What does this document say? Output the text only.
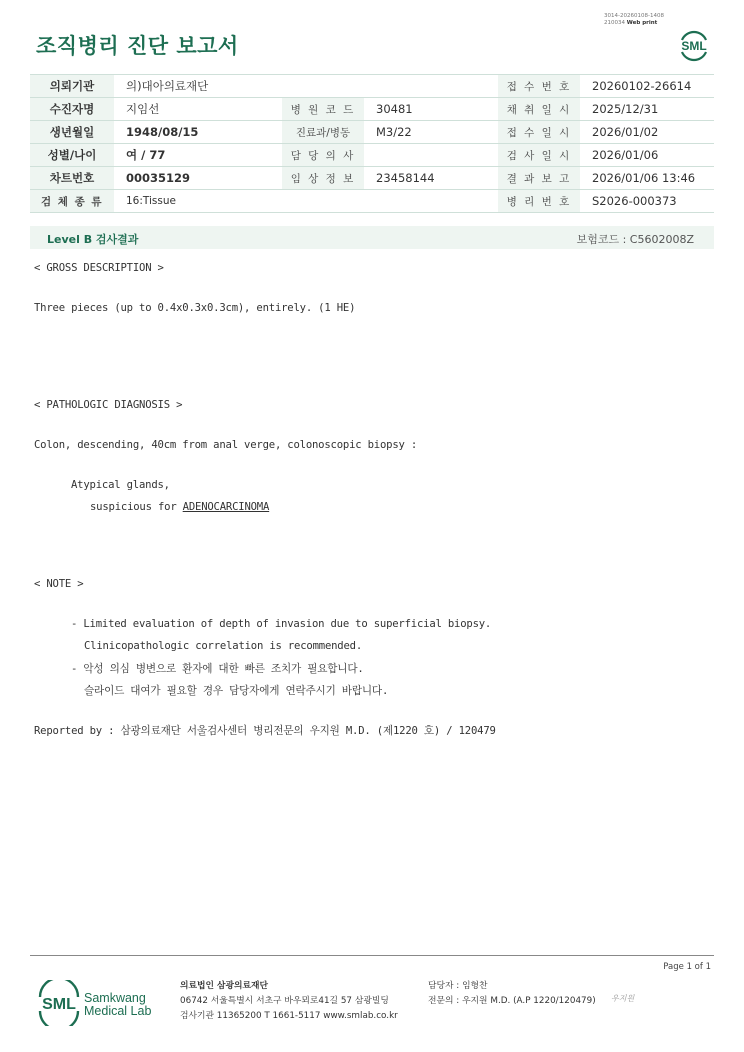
조직병리 진단 보고서
3014-20260108-1408
210034 Web print
SML
의뢰기관	의)대아의료재단			접 수 번 호	20260102-26614
수진자명	지임선	병 원 코 드	30481	채 취 일 시	2025/12/31
생년월일	1948/08/15	진료과/병동	M3/22	접 수 일 시	2026/01/02
성별/나이	여 / 77	담 당 의 사		검 사 일 시	2026/01/06
차트번호	00035129	임 상 정 보	23458144	결 과 보 고	2026/01/06 13:46
검 체 종 류	16:Tissue			병 리 번 호	S2026-000373
Level B 검사결과	보험코드 : C5602008Z
< GROSS DESCRIPTION >
Three pieces (up to 0.4x0.3x0.3cm), entirely. (1 HE)
< PATHOLOGIC DIAGNOSIS >
Colon, descending, 40cm from anal verge, colonoscopic biopsy :
Atypical glands,
suspicious for ADENOCARCINOMA
< NOTE >
- Limited evaluation of depth of invasion due to superficial biopsy.
Clinicopathologic correlation is recommended.
- 악성 의심 병변으로 환자에 대한 빠른 조치가 필요합니다.
슬라이드 대여가 필요할 경우 담당자에게 연락주시기 바랍니다.
Reported by : 삼광의료재단 서울검사센터 병리전문의 우지원 M.D. (제1220 호) / 120479
Page 1 of 1
SML Samkwang
Medical Lab
의료법인 삼광의료재단
06742 서울특별시 서초구 바우뫼로41길 57 삼광빌딩
검사기관 11365200 T 1661-5117 www.smlab.co.kr
담당자 : 임형찬
전문의 : 우지원 M.D. (A.P 1220/120479) 우지원
